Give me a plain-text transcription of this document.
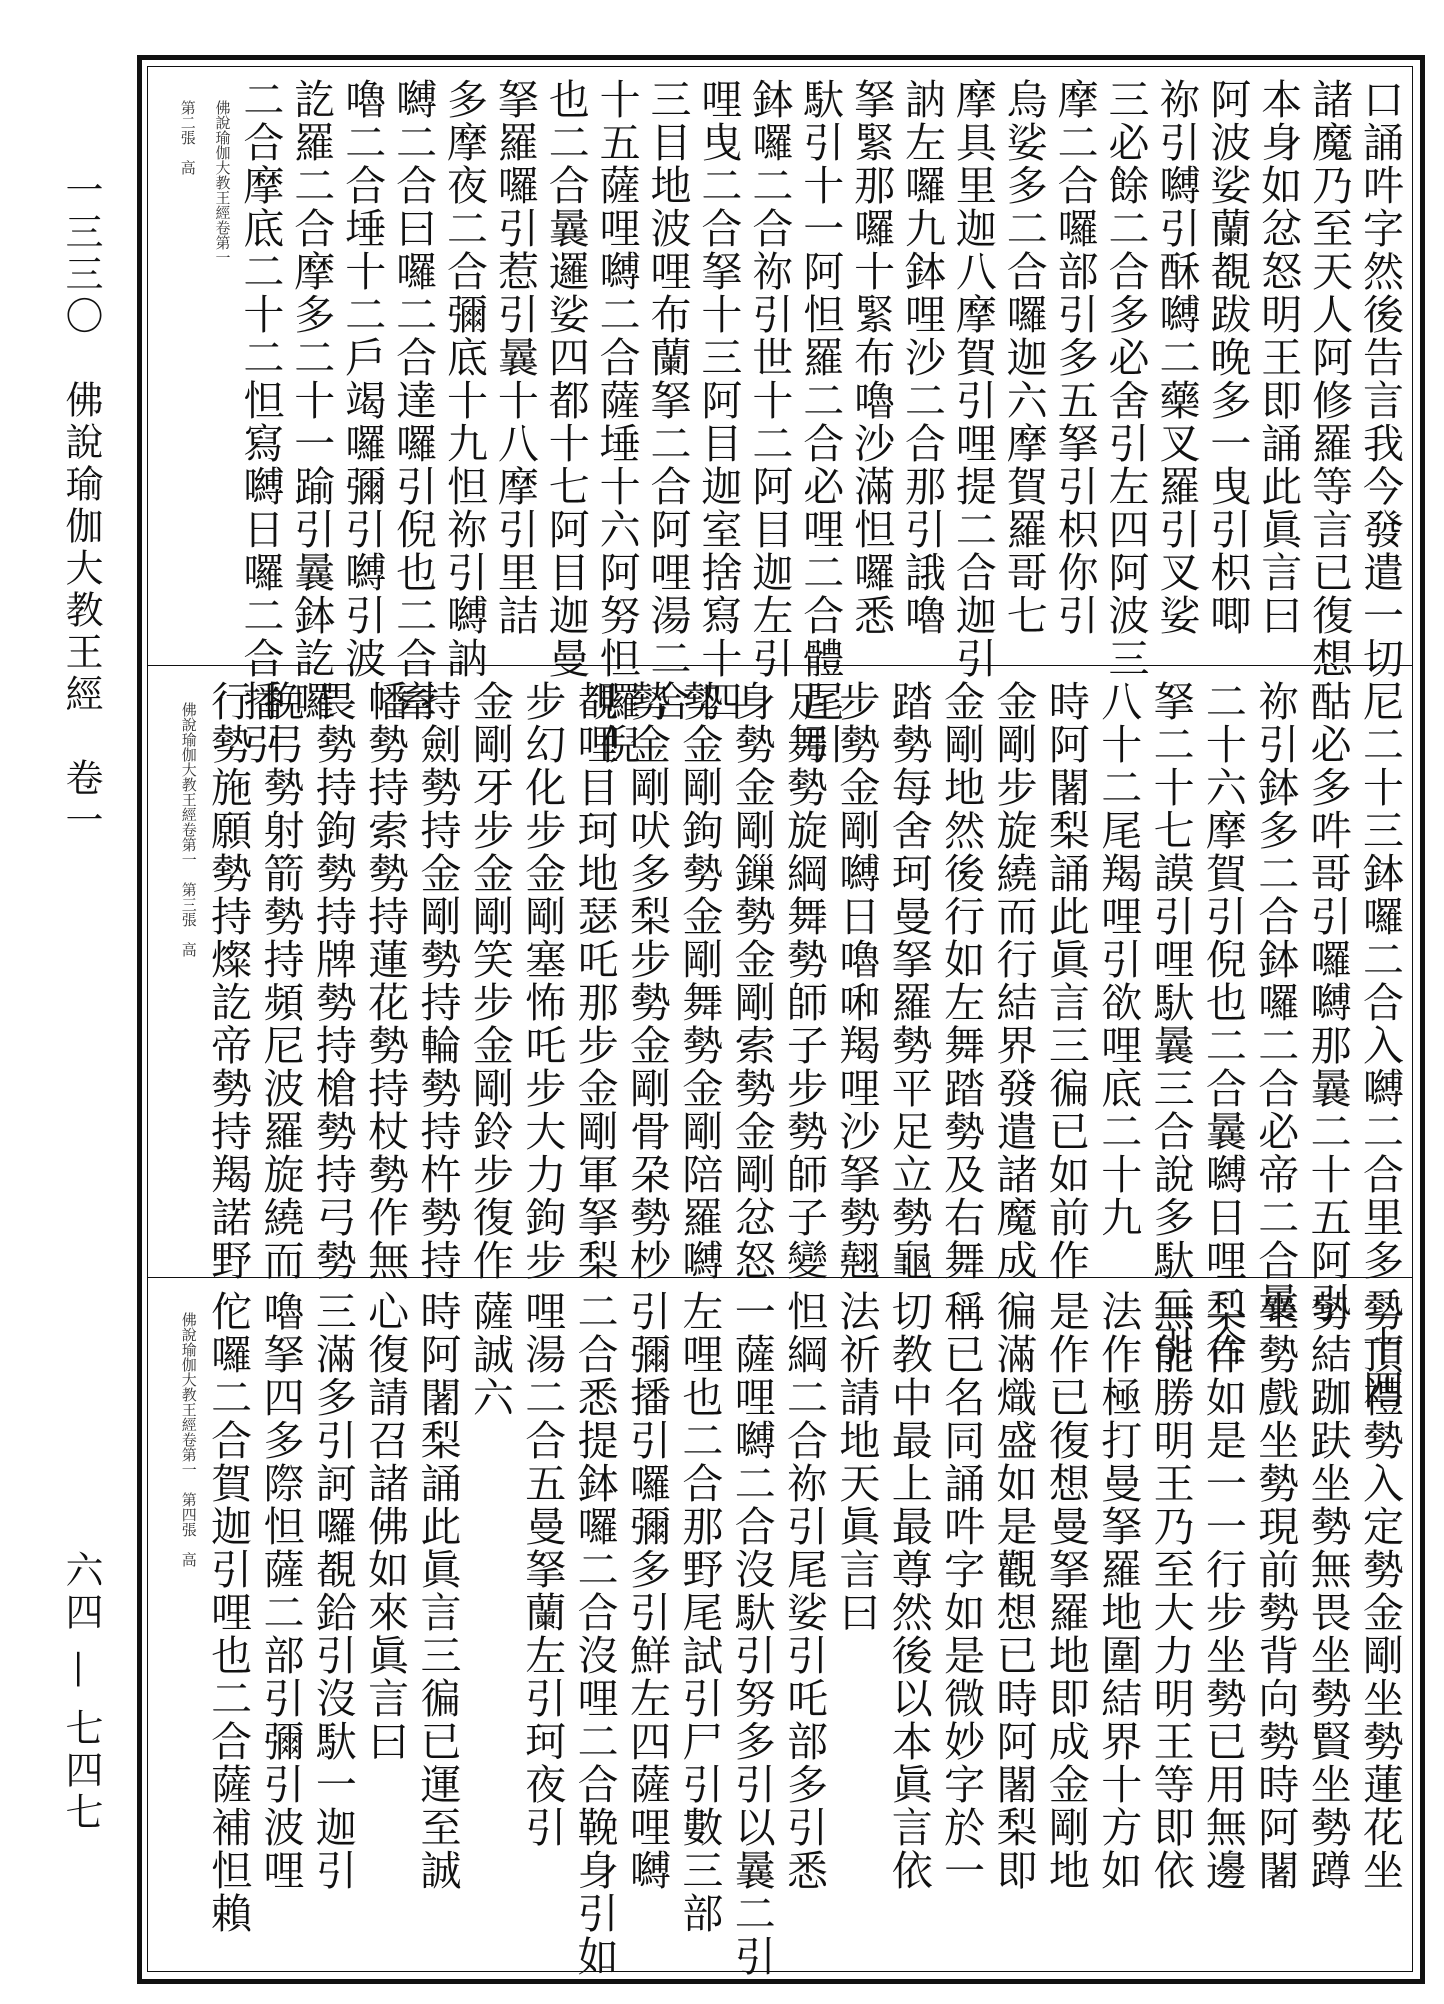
一三三〇　佛說瑜伽大教王經　卷一
六四 — 七四七
口誦吽字然後告言我今發遣一切
諸魔乃至天人阿修羅等言已復想
本身如忿怒明王即誦此眞言曰
阿波娑蘭覩跋晚多一曳引枳唧
祢引嚩引酥嚩二藥叉羅引叉娑
三必餘二合多必舍引左四阿波三
摩二合囉部引多五拏引枳你引
烏娑多二合囉迦六摩賀羅哥七
摩具里迦八摩賀引哩提二合迦引
訥左囉九鉢哩沙二合那引誐嚕
拏緊那囉十緊布嚕沙滿怛囉悉
馱引十一阿怛羅二合必哩二合體尾引
鉢囉二合祢引世十二阿目迦左引
哩曳二合拏十三阿目迦室捨寫十四
三目地波哩布蘭拏二合阿哩湯二合
十五薩哩嚩二合薩埵十六阿努怛囉倪
也二合曩邏娑四都十七阿目迦曼
拏羅囉引惹引曩十八摩引里詰
多摩夜二合彌底十九怛祢引嚩訥
嚩二合曰囉二合達囉引倪也二合牽
嚕二合埵十二戶竭囉彌引嚩引波
訖羅二合摩多二十一踰引曩鉢訖囉
二合摩底二十二怛寫嚩日囉二合播引
佛說瑜伽大教王經卷第一
第二張　高
尼二十三鉢囉二合入嚩二合里多二十四
酤必多吽哥引囉嚩那曩二十五阿引
祢引鉢多二合鉢囉二合必帝二合曩
二十六摩賀引倪也二合曩嚩日哩二合
拏二十七謨引哩馱曩三合說多馱二引
八十二尾羯哩引欲哩底二十九
時阿闍梨誦此眞言三徧已如前作
金剛步旋繞而行結界發遣諸魔成
金剛地然後行如左舞踏勢及右舞
踏勢每舍珂曼拏羅勢平足立勢龜
步勢金剛嚩日嚕啝羯哩沙拏勢翹
足舞勢旋綱舞勢師子步勢師子變
身勢金剛鏁勢金剛索勢金剛忿怒
勢金剛鉤勢金剛舞勢金剛陪羅嚩
勢金剛吠多梨步勢金剛骨朶勢杪
覩哩目珂地瑟吒那步金剛軍拏梨
步幻化步金剛塞怖吒步大力鉤步
金剛牙步金剛笑步金剛鈴步復作
持劍勢持金剛勢持輪勢持杵勢持
幡勢持索勢持蓮花勢持杖勢作無
畏勢持鉤勢持牌勢持槍勢持弓勢
挽弓勢射箭勢持頻尼波羅旋繞而
行勢施願勢持燦訖帝勢持羯諾野
佛說瑜伽大教王經卷第一　第三張　高
勢頂禮勢入定勢金剛坐勢蓮花坐
勢結跏趺坐勢無畏坐勢賢坐勢蹲
坐勢戲坐勢現前勢背向勢時阿闍
梨作如是一一行步坐勢已用無邊
無能勝明王乃至大力明王等即依
法作極打曼拏羅地圍結界十方如
是作已復想曼拏羅地即成金剛地
徧滿熾盛如是觀想已時阿闍梨即
稱已名同誦吽字如是微妙字於一
切教中最上最尊然後以本眞言依
法祈請地天眞言曰
怛綱二合祢引尾娑引吒部多引悉
一薩哩嚩二合沒馱引努多引以曩二引
左哩也二合那野尾試引尸引數三部
引彌播引囉彌多引鮮左四薩哩嚩
二合悉提鉢囉二合沒哩二合鞔身引如
哩湯二合五曼拏蘭左引珂夜引
薩誠六
時阿闍梨誦此眞言三徧已運至誠
心復請召諸佛如來眞言曰
三滿多引訶囉覩鉿引沒馱一迦引
嚕拏四多際怛薩二部引彌引波哩
佗囉二合賀迦引哩也二合薩補怛賴
佛說瑜伽大教王經卷第一　第四張　高
